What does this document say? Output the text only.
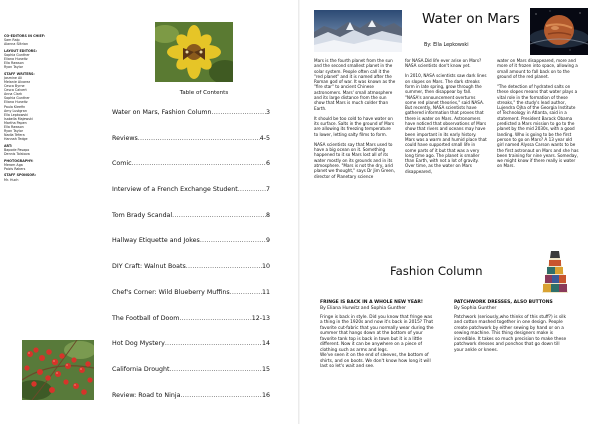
CO-EDITORS IN CHIEF:
Sam Ralp
Alanna Siltrian
LAYOUT EDITORS:
Sophia Gunther
Eliana Hurwitz
Ella Rawson
Ryan Taylor
STAFF WRITERS:
Jasmine Ali
Melanie Alvarez
Cesca Byrne
Cesca Calvert
Anna Clark
Sophia Gunther
Eliana Hurwitz
Paula Kleefin
Amy Lustgran
Ella Lepkowski
Isabella Majewski
Martha Papen
Ella Rawson
Ryan Taylor
Nadia Tefera
Hannah Tedge
ART:
Bapode Pasapo
Dennis Tolstova
PHOTOGRAPHY:
Merom Aga
Paizis Rakers
STAFF SPONSOR:
Mr. Huch
Table of Contents
Water on Mars, Fashion Column .....	3
Reviews .....	4-5
Comic .....	6
Interview of a French Exchange Student .....	7
Tom Brady Scandal .....	8
Hallway Etiquette and Jokes .....	9
DIY Craft: Walnut Boats .....	10
Chef's Corner: Wild Blueberry Muffins .....	11
The Football of Doom .....	12-13
Hot Dog Mystery .....	14
California Drought .....	15
Review: Road to Ninja .....	16
Water on Mars
By: Ella Lepkowski

Mars is the fourth planet from the sun and the second smallest planet in the solar system. People often call it the "red planet" and it is named after the Roman god of war. It was known as the "fire star" to ancient Chinese astronomers. Mars' small atmosphere and its large distance from the sun show that Mars is much colder than Earth.

It should be too cold to have water on its surface. Salts in the ground of Mars are allowing its freezing temperature to lower, letting salty films to form.

NASA scientists say that Mars used to have a big ocean on it. Something happened to it so Mars lost all of its water mostly on its grounds and in its atmosphere. "Mars is not the dry, arid planet we thought," says Dr Jim Green, director of Planetary science

for NASA.Did life ever arise on Mars? NASA scientists don't know yet.

In 2010, NASA scientists saw dark lines on slopes on Mars. The dark streaks form in late spring, grow through the summer, then disappear by fall. "NASA's announcement overturns some red planet theories," said NASA. But recently, NASA scientists have gathered information that proves that there is water on Mars. Astronomers have noticed that observations of Mars show that rivers and oceans may have been important in its early history. Mars was a warm and humid place that could have supported small life in some parts of it but that was a very long time ago. The planet is smaller than Earth, with not a lot of gravity. Over time, as the water on Mars disappeared,

water on Mars disappeared, more and more of it frozen into space, allowing a small amount to fall back on to the ground of the red planet.

"The detection of hydrated salts on these slopes means that water plays a vital role in the formation of these streaks," the study's lead author, Lujendra Ojha of the Georgia Institute of Technology in Atlanta, said in a statement. President Barack Obama predicted a Mars mission to go to the planet by the mid 2030s, with a good landing. Who is going to be the first person to go on Mars? A 13 year old girl named Alyssa Carson wants to be the first astronaut on Mars and she has been training for nine years. Someday, we might know if there really is water on Mars.

Fashion Column
FRINGE IS BACK IN A WHOLE NEW YEAR!
By Eliana Hurwitz and Sophia Gunther

Fringe is back in style. Did you know that fringe was a thing in the 1920s and now it's back in 2015? That favorite cut-fabric that you normally wear during the summer that hangs down at the bottom of your favorite tank top is back in town but it is a little different. Now it can be anywhere on a piece of clothing such as arms and legs.

We've seen it on the end of sleeves, the bottom of shirts, and on boots. We don't know how long it will last so let's wait and see.

PATCHWORK DRESSES, ALSO BUTTONS
By Sophia Gunther

Patchwork (seriously,who thinks of this stuff?) is silk and cotton mashed together in one design. People create patchwork by either sewing by hand or on a sewing machine. This thing designers make is incredible. It takes so much precision to make these patchwork dresses and ponchos that go down till your ankle or knees.
